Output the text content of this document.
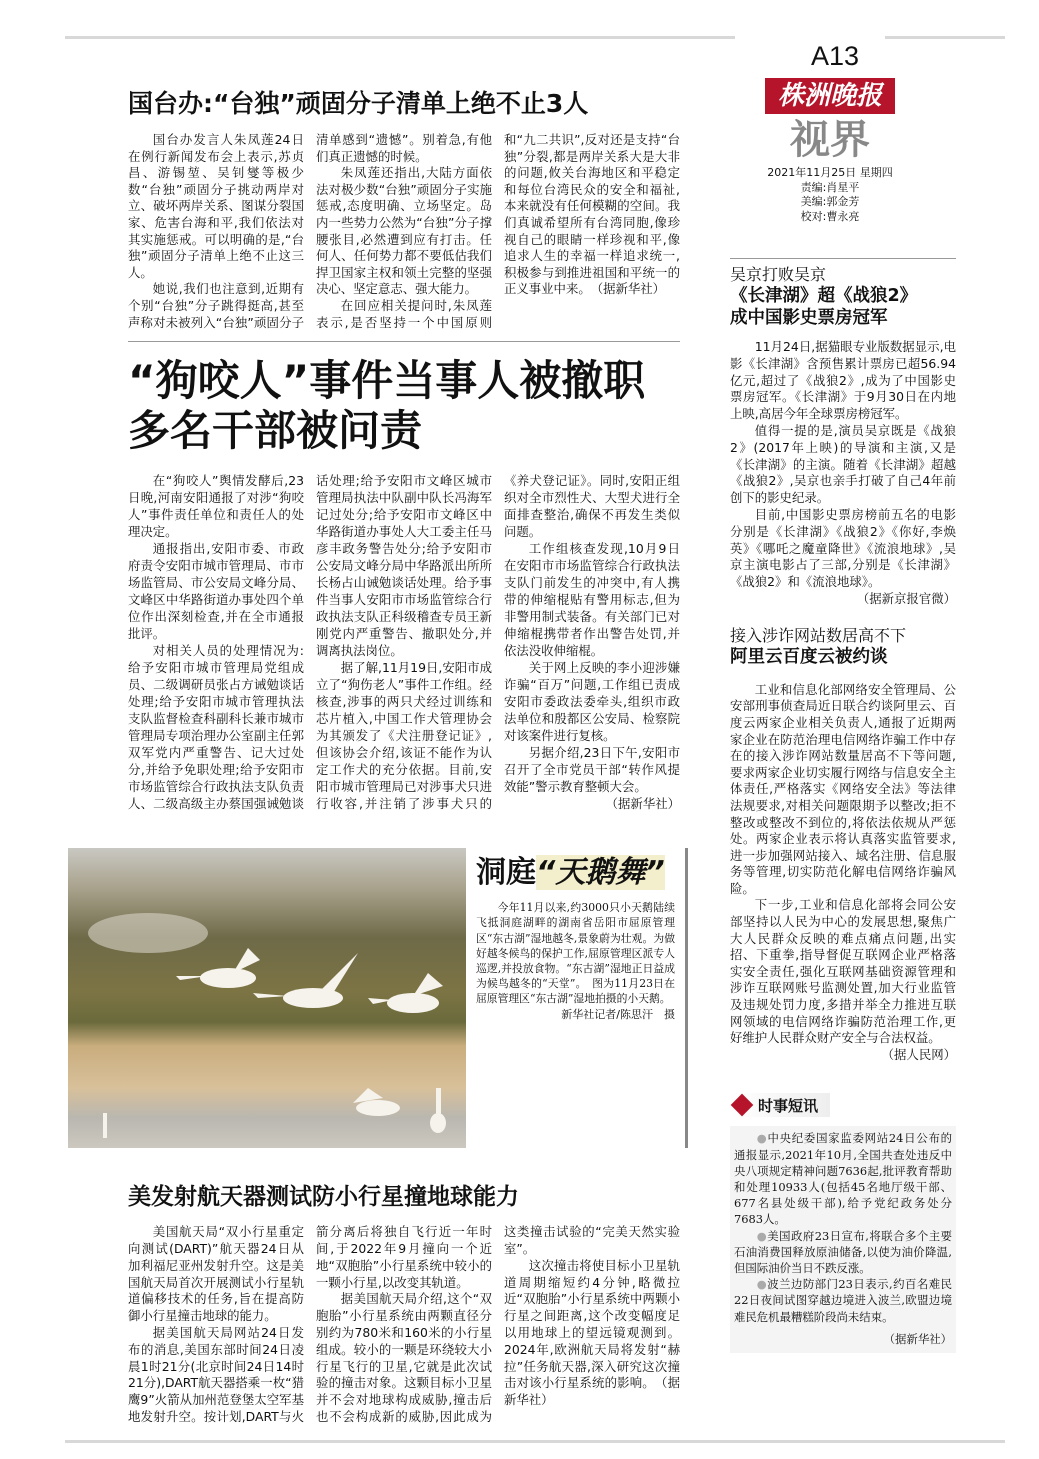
国台办:“台独”顽固分子清单上绝不止3人

国台办发言人朱凤莲24日在例行新闻发布会上表示,苏贞昌、游锡堃、吴钊燮等极少数“台独”顽固分子挑动两岸对立、破坏两岸关系、图谋分裂国家、危害台海和平,我们依法对其实施惩戒。可以明确的是,“台独”顽固分子清单上绝不止这三人。

她说,我们也注意到,近期有个别“台独”分子跳得挺高,甚至声称对未被列入“台独”顽固分子清单感到“遗憾”。别着急,有他们真正遗憾的时候。

朱凤莲还指出,大陆方面依法对极少数“台独”顽固分子实施惩戒,态度明确、立场坚定。岛内一些势力公然为“台独”分子撑腰张目,必然遭到应有打击。任何人、任何势力都不要低估我们捍卫国家主权和领土完整的坚强决心、坚定意志、强大能力。

在回应相关提问时,朱凤莲表示,是否坚持一个中国原则和“九二共识”,反对还是支持“台独”分裂,都是两岸关系大是大非的问题,攸关台海地区和平稳定和每位台湾民众的安全和福祉,本来就没有任何模糊的空间。我们真诚希望所有台湾同胞,像珍视自己的眼睛一样珍视和平,像追求人生的幸福一样追求统一,积极参与到推进祖国和平统一的正义事业中来。　（据新华社）

“狗咬人”事件当事人被撤职
多名干部被问责

在“狗咬人”舆情发酵后,23日晚,河南安阳通报了对涉“狗咬人”事件责任单位和责任人的处理决定。

通报指出,安阳市委、市政府责令安阳市城市管理局、市市场监管局、市公安局文峰分局、文峰区中华路街道办事处四个单位作出深刻检查,并在全市通报批评。

对相关人员的处理情况为:给予安阳市城市管理局党组成员、二级调研员张占方诫勉谈话处理;给予安阳市城市管理执法支队监督检查科副科长兼市城市管理局专项治理办公室副主任郭双军党内严重警告、记大过处分,并给予免职处理;给予安阳市市场监管综合行政执法支队负责人、二级高级主办蔡国强诫勉谈话处理;给予安阳市文峰区城市管理局执法中队副中队长冯海军记过处分;给予安阳市文峰区中华路街道办事处人大工委主任马彦丰政务警告处分;给予安阳市公安局文峰分局中华路派出所所长杨占山诫勉谈话处理。给予事件当事人安阳市市场监管综合行政执法支队正科级稽查专员王新刚党内严重警告、撤职处分,并调离执法岗位。

据了解,11月19日,安阳市成立了“狗伤老人”事件工作组。经核查,涉事的两只犬经过训练和芯片植入,中国工作犬管理协会为其颁发了《犬注册登记证》,但该协会介绍,该证不能作为认定工作犬的充分依据。目前,安阳市城市管理局已对涉事犬只进行收容,并注销了涉事犬只的《养犬登记证》。同时,安阳正组织对全市烈性犬、大型犬进行全面排查整治,确保不再发生类似问题。

工作组核查发现,10月9日在安阳市市场监管综合行政执法支队门前发生的冲突中,有人携带的伸缩棍贴有警用标志,但为非警用制式装备。有关部门已对伸缩棍携带者作出警告处罚,并依法没收伸缩棍。

关于网上反映的李小迎涉嫌诈骗“百万”问题,工作组已责成安阳市委政法委牵头,组织市政法单位和殷都区公安局、检察院对该案件进行复核。

另据介绍,23日下午,安阳市召开了全市党员干部“转作风提效能”警示教育整顿大会。

（据新华社）
洞庭“天鹅舞”
今年11月以来,约3000只小天鹅陆续飞抵洞庭湖畔的湖南省岳阳市屈原管理区“东古湖”湿地越冬,景象蔚为壮观。为做好越冬候鸟的保护工作,屈原管理区派专人巡逻,并投放食物。“东古湖”湿地正日益成为候鸟越冬的“天堂”。　图为11月23日在屈原管理区“东古湖”湿地拍摄的小天鹅。
新华社记者/陈思汗　摄
美发射航天器测试防小行星撞地球能力

美国航天局“双小行星重定向测试(DART)”航天器24日从加利福尼亚州发射升空。这是美国航天局首次开展测试小行星轨道偏移技术的任务,旨在提高防御小行星撞击地球的能力。

据美国航天局网站24日发布的消息,美国东部时间24日凌晨1时21分(北京时间24日14时21分),DART航天器搭乘一枚“猎鹰9”火箭从加州范登堡太空军基地发射升空。按计划,DART与火箭分离后将独自飞行近一年时间,于2022年9月撞向一个近地“双胞胎”小行星系统中较小的一颗小行星,以改变其轨道。

据美国航天局介绍,这个“双胞胎”小行星系统由两颗直径分别约为780米和160米的小行星组成。较小的一颗是环绕较大小行星飞行的卫星,它就是此次试验的撞击对象。这颗目标小卫星并不会对地球构成威胁,撞击后也不会构成新的威胁,因此成为这类撞击试验的“完美天然实验室”。

这次撞击将使目标小卫星轨道周期缩短约4分钟,略微拉近“双胞胎”小行星系统中两颗小行星之间距离,这个改变幅度足以用地球上的望远镜观测到。2024年,欧洲航天局将发射“赫拉”任务航天器,深入研究这次撞击对该小行星系统的影响。　（据新华社）

A13
株洲晚报
视界
2021年11月25日 星期四
责编:肖星平
美编:郭金芳
校对:曹永亮
吴京打败吴京
《长津湖》超《战狼2》
成中国影史票房冠军

11月24日,据猫眼专业版数据显示,电影《长津湖》含预售累计票房已超56.94亿元,超过了《战狼2》,成为了中国影史票房冠军。《长津湖》于9月30日在内地上映,高居今年全球票房榜冠军。

值得一提的是,演员吴京既是《战狼2》(2017年上映)的导演和主演,又是《长津湖》的主演。随着《长津湖》超越《战狼2》,吴京也亲手打破了自己4年前创下的影史纪录。

目前,中国影史票房榜前五名的电影分别是《长津湖》《战狼2》《你好,李焕英》《哪吒之魔童降世》《流浪地球》,吴京主演电影占了三部,分别是《长津湖》《战狼2》和《流浪地球》。

（据新京报官微）
接入涉诈网站数居高不下
阿里云百度云被约谈

工业和信息化部网络安全管理局、公安部刑事侦查局近日联合约谈阿里云、百度云两家企业相关负责人,通报了近期两家企业在防范治理电信网络诈骗工作中存在的接入涉诈网站数量居高不下等问题,要求两家企业切实履行网络与信息安全主体责任,严格落实《网络安全法》等法律法规要求,对相关问题限期予以整改;拒不整改或整改不到位的,将依法依规从严惩处。两家企业表示将认真落实监管要求,进一步加强网站接入、域名注册、信息服务等管理,切实防范化解电信网络诈骗风险。

下一步,工业和信息化部将会同公安部坚持以人民为中心的发展思想,聚焦广大人民群众反映的难点痛点问题,出实招、下重拳,指导督促互联网企业严格落实安全责任,强化互联网基础资源管理和涉诈互联网账号监测处置,加大行业监管及违规处罚力度,多措并举全力推进互联网领域的电信网络诈骗防范治理工作,更好维护人民群众财产安全与合法权益。

（据人民网）
时事短讯

●中央纪委国家监委网站24日公布的通报显示,2021年10月,全国共查处违反中央八项规定精神问题7636起,批评教育帮助和处理10933人(包括45名地厅级干部、677名县处级干部),给予党纪政务处分7683人。

●美国政府23日宣布,将联合多个主要石油消费国释放原油储备,以使为油价降温,但国际油价当日不跌反涨。

●波兰边防部门23日表示,约百名难民22日夜间试图穿越边境进入波兰,欧盟边境难民危机最糟糕阶段尚未结束。

（据新华社）
